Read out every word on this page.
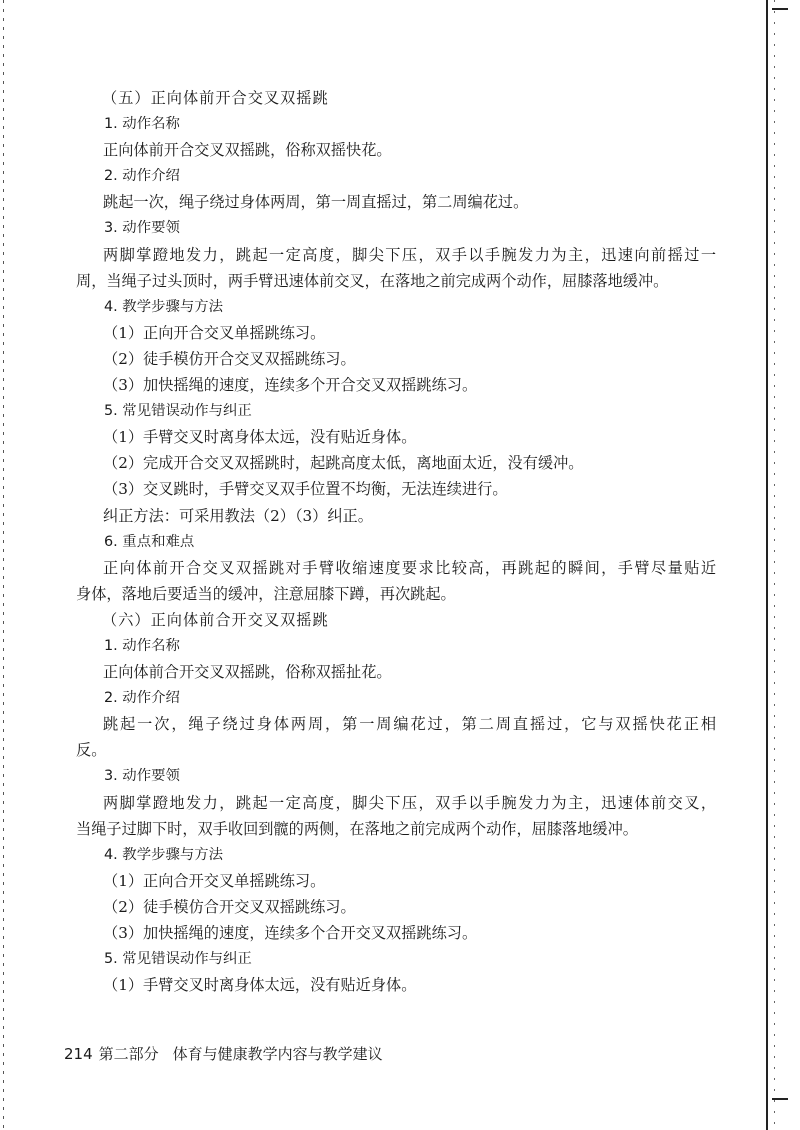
（五）正向体前开合交叉双摇跳
1. 动作名称
正向体前开合交叉双摇跳，俗称双摇快花。
2. 动作介绍
跳起一次，绳子绕过身体两周，第一周直摇过，第二周编花过。
3. 动作要领
两脚掌蹬地发力，跳起一定高度，脚尖下压，双手以手腕发力为主，迅速向前摇过一
周，当绳子过头顶时，两手臂迅速体前交叉，在落地之前完成两个动作，屈膝落地缓冲。
4. 教学步骤与方法
（1）正向开合交叉单摇跳练习。
（2）徒手模仿开合交叉双摇跳练习。
（3）加快摇绳的速度，连续多个开合交叉双摇跳练习。
5. 常见错误动作与纠正
（1）手臂交叉时离身体太远，没有贴近身体。
（2）完成开合交叉双摇跳时，起跳高度太低，离地面太近，没有缓冲。
（3）交叉跳时，手臂交叉双手位置不均衡，无法连续进行。
纠正方法：可采用教法（2）（3）纠正。
6. 重点和难点
正向体前开合交叉双摇跳对手臂收缩速度要求比较高，再跳起的瞬间，手臂尽量贴近
身体，落地后要适当的缓冲，注意屈膝下蹲，再次跳起。
（六）正向体前合开交叉双摇跳
1. 动作名称
正向体前合开交叉双摇跳，俗称双摇扯花。
2. 动作介绍
跳起一次，绳子绕过身体两周，第一周编花过，第二周直摇过，它与双摇快花正相
反。
3. 动作要领
两脚掌蹬地发力，跳起一定高度，脚尖下压，双手以手腕发力为主，迅速体前交叉，
当绳子过脚下时，双手收回到髋的两侧，在落地之前完成两个动作，屈膝落地缓冲。
4. 教学步骤与方法
（1）正向合开交叉单摇跳练习。
（2）徒手模仿合开交叉双摇跳练习。
（3）加快摇绳的速度，连续多个合开交叉双摇跳练习。
5. 常见错误动作与纠正
（1）手臂交叉时离身体太远，没有贴近身体。
214 第二部分 体育与健康教学内容与教学建议
